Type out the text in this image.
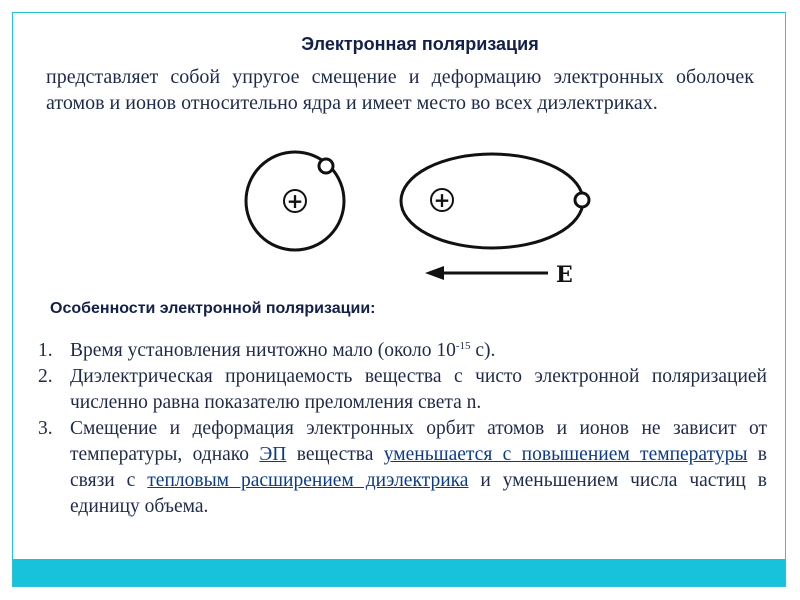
Электронная поляризация
представляет собой упругое смещение и деформацию электронных оболочек атомов и ионов относительно ядра и имеет место во всех диэлектриках.
+	+
E
Особенности электронной поляризации:
1. Время установления ничтожно мало (около $10^{-15}$ с).
2. Диэлектрическая проницаемость вещества с чисто электронной поляризацией численно равна показателю преломления света n.
3. Смещение и деформация электронных орбит атомов и ионов не зависит от температуры, однако ЭП вещества уменьшается с повышением температуры в связи с тепловым расширением диэлектрика и уменьшением числа частиц в единицу объема.
